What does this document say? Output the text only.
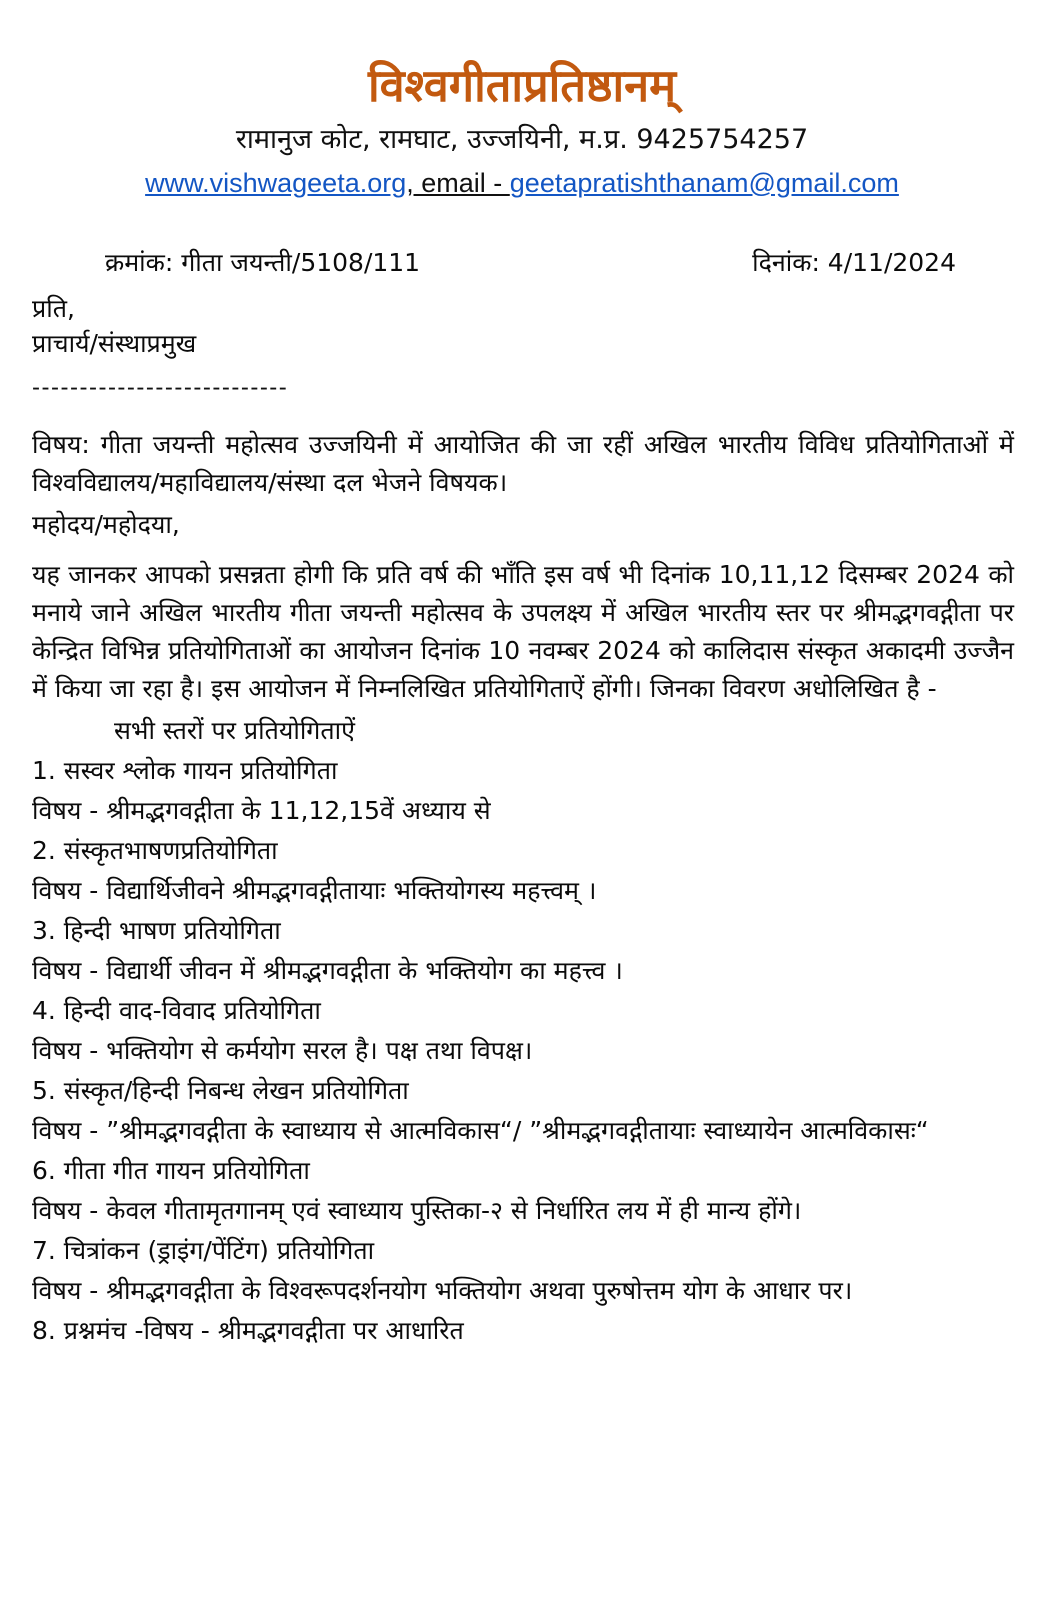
विश्वगीताप्रतिष्ठानम्

रामानुज कोट, रामघाट, उज्जयिनी, म.प्र. 9425754257

www.vishwageeta.org, email - geetapratishthanam@gmail.com

क्रमांक: गीता जयन्ती/5108/111	दिनांक: 4/11/2024

प्रति,

प्राचार्य/संस्थाप्रमुख

---------------------------

विषय: गीता जयन्ती महोत्सव उज्जयिनी में आयोजित की जा रहीं अखिल भारतीय विविध प्रतियोगिताओं में विश्वविद्यालय/महाविद्यालय/संस्था दल भेजने विषयक।

महोदय/महोदया,

यह जानकर आपको प्रसन्नता होगी कि प्रति वर्ष की भाँति इस वर्ष भी दिनांक 10,11,12 दिसम्बर 2024 को मनाये जाने अखिल भारतीय गीता जयन्ती महोत्सव के उपलक्ष्य में अखिल भारतीय स्तर पर श्रीमद्भगवद्गीता पर केन्द्रित विभिन्न प्रतियोगिताओं का आयोजन दिनांक 10 नवम्बर 2024 को कालिदास संस्कृत अकादमी उज्जैन में किया जा रहा है। इस आयोजन में निम्नलिखित प्रतियोगिताऐं होंगी। जिनका विवरण अधोलिखित है -

सभी स्तरों पर प्रतियोगिताऐं

1. सस्वर श्लोक गायन प्रतियोगिता

विषय - श्रीमद्भगवद्गीता के 11,12,15वें अध्याय से

2. संस्कृतभाषणप्रतियोगिता

विषय - विद्यार्थिजीवने श्रीमद्भगवद्गीतायाः भक्तियोगस्य महत्त्वम् ।

3. हिन्दी भाषण प्रतियोगिता

विषय - विद्यार्थी जीवन में श्रीमद्भगवद्गीता के भक्तियोग का महत्त्व ।

4. हिन्दी वाद-विवाद प्रतियोगिता

विषय - भक्तियोग से कर्मयोग सरल है। पक्ष तथा विपक्ष।

5. संस्कृत/हिन्दी निबन्ध लेखन प्रतियोगिता

विषय - ”श्रीमद्भगवद्गीता के स्वाध्याय से आत्मविकास“/ ”श्रीमद्भगवद्गीतायाः स्वाध्यायेन आत्मविकासः“

6. गीता गीत गायन प्रतियोगिता

विषय - केवल गीतामृतगानम् एवं स्वाध्याय पुस्तिका-२ से निर्धारित लय में ही मान्य होंगे।

7. चित्रांकन (ड्राइंग/पेंटिंग) प्रतियोगिता

विषय - श्रीमद्भगवद्गीता के विश्वरूपदर्शनयोग भक्तियोग अथवा पुरुषोत्तम योग के आधार पर।

8. प्रश्नमंच -विषय - श्रीमद्भगवद्गीता पर आधारित
